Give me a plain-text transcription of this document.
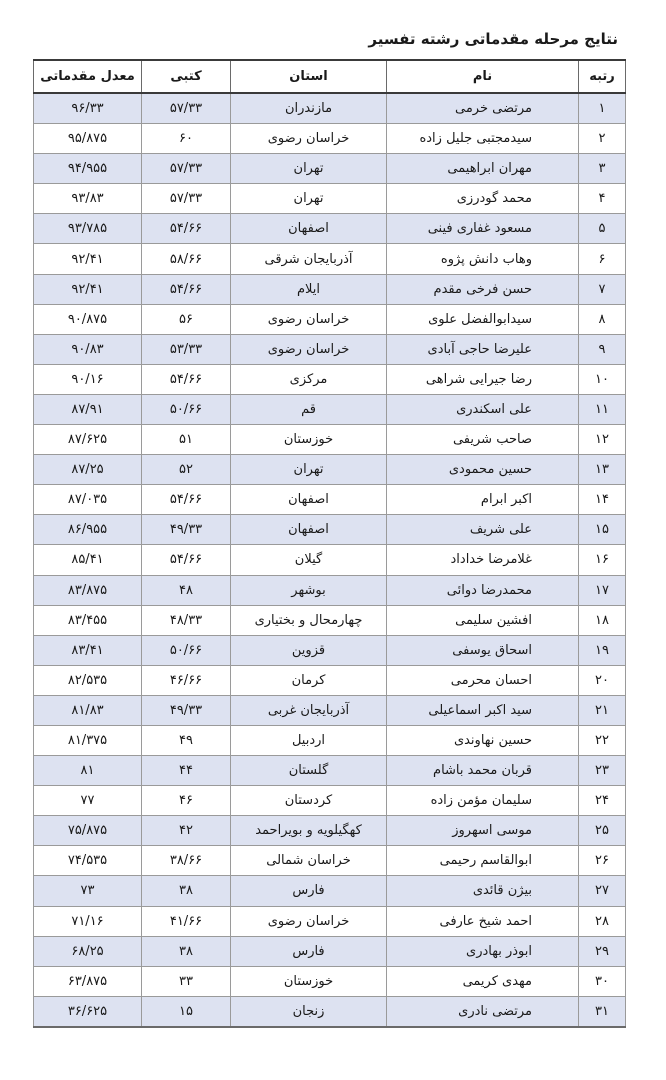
نتایج مرحله مقدماتی رشته تفسیر
رتبه	نام	استان	کتبی	معدل مقدماتی
۱	مرتضی خرمی	مازندران	۵۷/۳۳	۹۶/۳۳
۲	سیدمجتبی جلیل زاده	خراسان رضوی	۶۰	۹۵/۸۷۵
۳	مهران ابراهیمی	تهران	۵۷/۳۳	۹۴/۹۵۵
۴	محمد گودرزی	تهران	۵۷/۳۳	۹۳/۸۳
۵	مسعود غفاری فینی	اصفهان	۵۴/۶۶	۹۳/۷۸۵
۶	وهاب دانش پژوه	آذربایجان شرقی	۵۸/۶۶	۹۲/۴۱
۷	حسن فرخی مقدم	ایلام	۵۴/۶۶	۹۲/۴۱
۸	سیدابوالفضل علوی	خراسان رضوی	۵۶	۹۰/۸۷۵
۹	علیرضا حاجی آبادی	خراسان رضوی	۵۳/۳۳	۹۰/۸۳
۱۰	رضا جیرایی شراهی	مرکزی	۵۴/۶۶	۹۰/۱۶
۱۱	علی اسکندری	قم	۵۰/۶۶	۸۷/۹۱
۱۲	صاحب شریفی	خوزستان	۵۱	۸۷/۶۲۵
۱۳	حسین محمودی	تهران	۵۲	۸۷/۲۵
۱۴	اکبر ابرام	اصفهان	۵۴/۶۶	۸۷/۰۳۵
۱۵	علی شریف	اصفهان	۴۹/۳۳	۸۶/۹۵۵
۱۶	غلامرضا خداداد	گیلان	۵۴/۶۶	۸۵/۴۱
۱۷	محمدرضا دوائی	بوشهر	۴۸	۸۳/۸۷۵
۱۸	افشین سلیمی	چهارمحال و بختیاری	۴۸/۳۳	۸۳/۴۵۵
۱۹	اسحاق یوسفی	قزوین	۵۰/۶۶	۸۳/۴۱
۲۰	احسان محرمی	کرمان	۴۶/۶۶	۸۲/۵۳۵
۲۱	سید اکبر اسماعیلی	آذربایجان غربی	۴۹/۳۳	۸۱/۸۳
۲۲	حسین نهاوندی	اردبیل	۴۹	۸۱/۳۷۵
۲۳	قربان محمد باشام	گلستان	۴۴	۸۱
۲۴	سلیمان مؤمن زاده	کردستان	۴۶	۷۷
۲۵	موسی اسهروز	کهگیلویه و بویراحمد	۴۲	۷۵/۸۷۵
۲۶	ابوالقاسم رحیمی	خراسان شمالی	۳۸/۶۶	۷۴/۵۳۵
۲۷	بیژن قائدی	فارس	۳۸	۷۳
۲۸	احمد شیخ عارفی	خراسان رضوی	۴۱/۶۶	۷۱/۱۶
۲۹	ابوذر بهادری	فارس	۳۸	۶۸/۲۵
۳۰	مهدی کریمی	خوزستان	۳۳	۶۳/۸۷۵
۳۱	مرتضی نادری	زنجان	۱۵	۳۶/۶۲۵
